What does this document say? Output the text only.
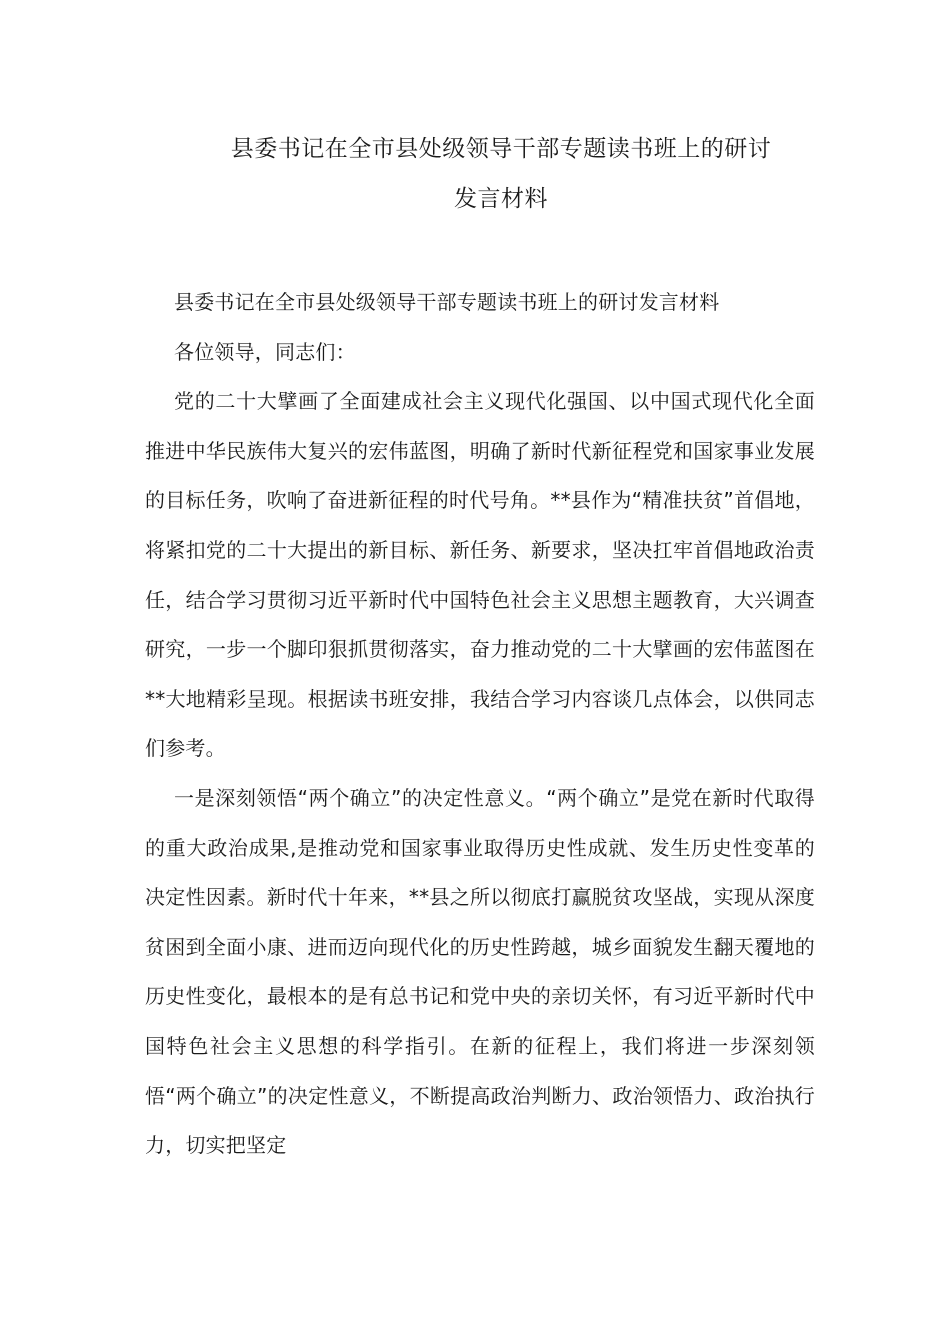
县委书记在全市县处级领导干部专题读书班上的研讨
发言材料

县委书记在全市县处级领导干部专题读书班上的研讨发言材料

各位领导，同志们：

党的二十大擘画了全面建成社会主义现代化强国、以中国式现代化全面推进中华民族伟大复兴的宏伟蓝图，明确了新时代新征程党和国家事业发展的目标任务，吹响了奋进新征程的时代号角。**县作为“精准扶贫”首倡地，将紧扣党的二十大提出的新目标、新任务、新要求，坚决扛牢首倡地政治责任，结合学习贯彻习近平新时代中国特色社会主义思想主题教育，大兴调查研究，一步一个脚印狠抓贯彻落实，奋力推动党的二十大擘画的宏伟蓝图在**大地精彩呈现。根据读书班安排，我结合学习内容谈几点体会，以供同志们参考。

一是深刻领悟“两个确立”的决定性意义。“两个确立”是党在新时代取得的重大政治成果,是推动党和国家事业取得历史性成就、发生历史性变革的决定性因素。新时代十年来，**县之所以彻底打赢脱贫攻坚战，实现从深度贫困到全面小康、进而迈向现代化的历史性跨越，城乡面貌发生翻天覆地的历史性变化，最根本的是有总书记和党中央的亲切关怀，有习近平新时代中国特色社会主义思想的科学指引。在新的征程上，我们将进一步深刻领悟“两个确立”的决定性意义，不断提高政治判断力、政治领悟力、政治执行力，切实把坚定
